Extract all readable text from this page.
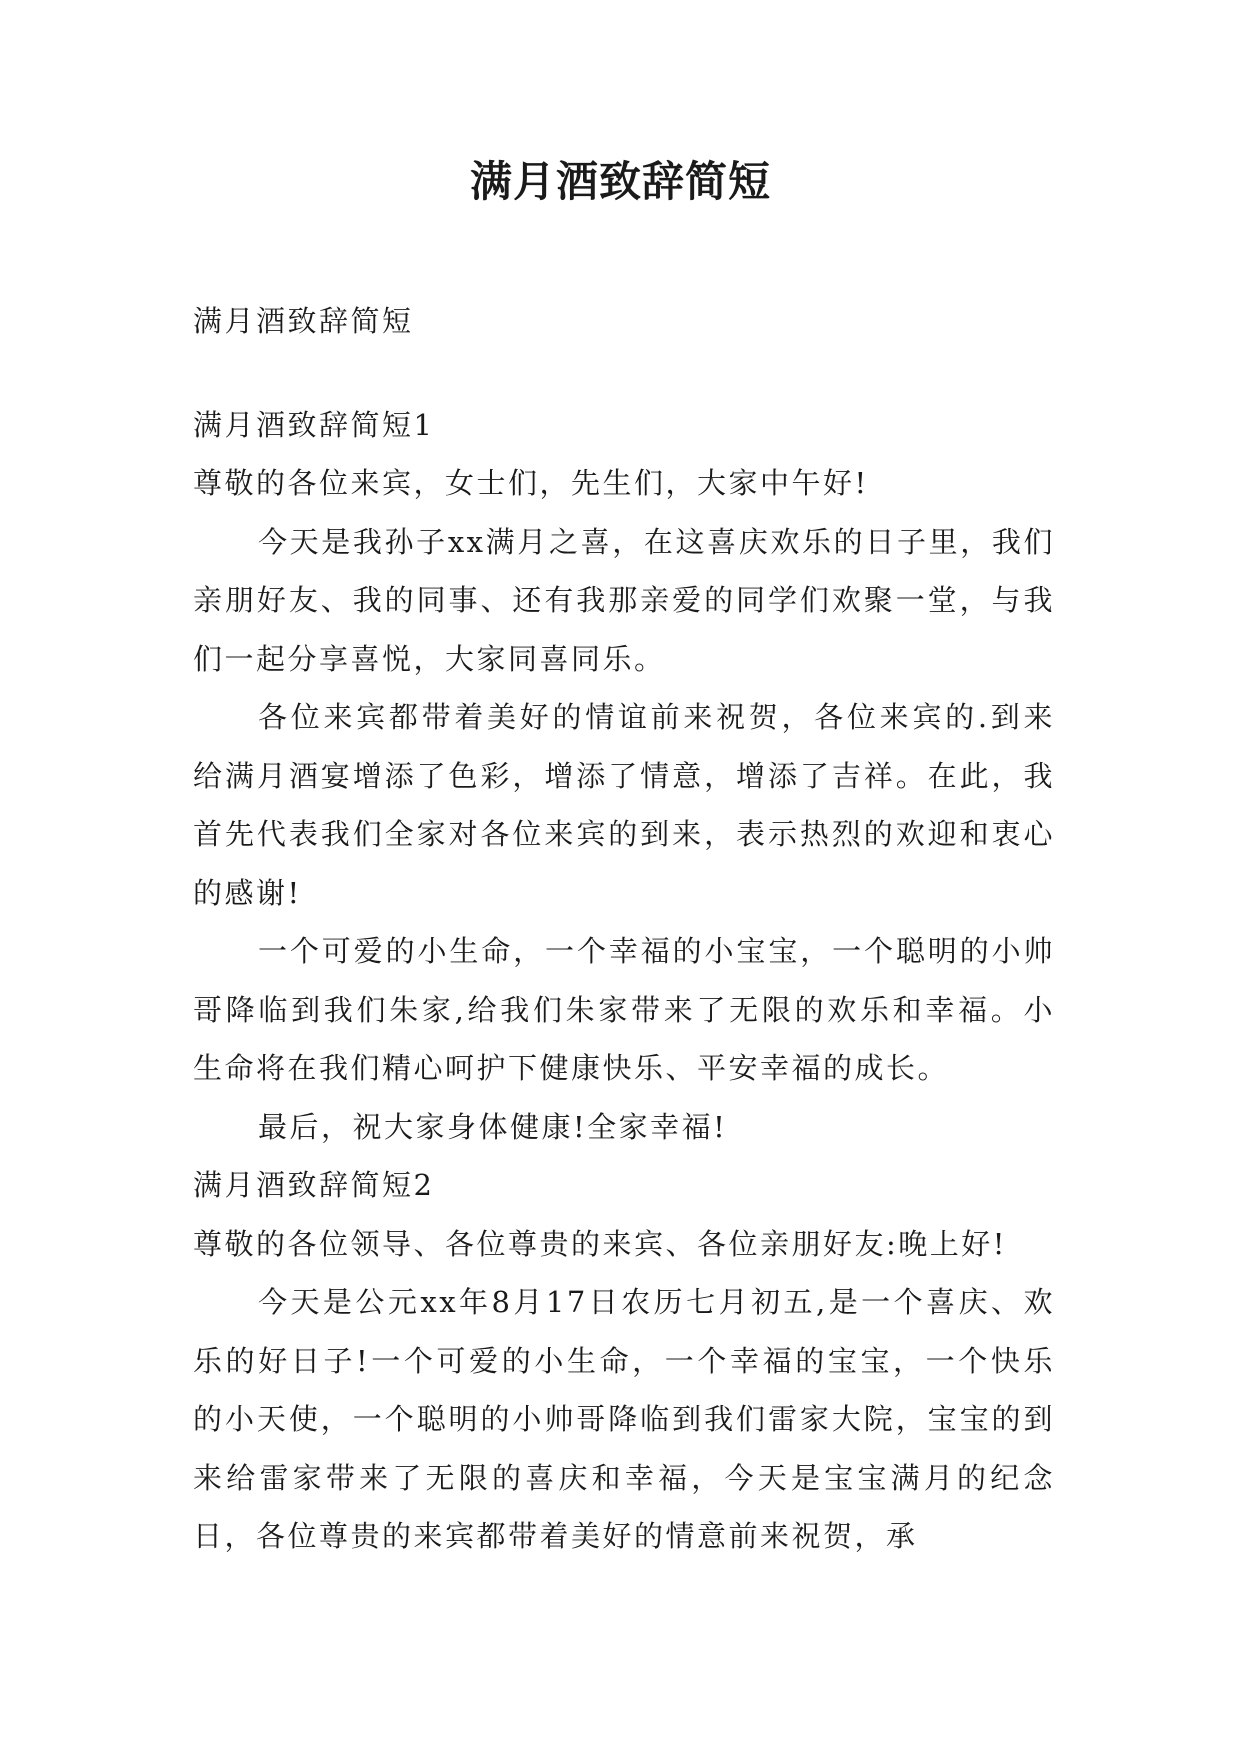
满月酒致辞简短

满月酒致辞简短

满月酒致辞简短1

尊敬的各位来宾，女士们，先生们，大家中午好!

今天是我孙子xx满月之喜，在这喜庆欢乐的日子里，我们亲朋好友、我的同事、还有我那亲爱的同学们欢聚一堂，与我们一起分享喜悦，大家同喜同乐。

各位来宾都带着美好的情谊前来祝贺，各位来宾的.到来给满月酒宴增添了色彩，增添了情意，增添了吉祥。在此，我首先代表我们全家对各位来宾的到来，表示热烈的欢迎和衷心的感谢!

一个可爱的小生命，一个幸福的小宝宝，一个聪明的小帅哥降临到我们朱家,给我们朱家带来了无限的欢乐和幸福。小生命将在我们精心呵护下健康快乐、平安幸福的成长。

最后，祝大家身体健康!全家幸福!

满月酒致辞简短2

尊敬的各位领导、各位尊贵的来宾、各位亲朋好友:晚上好!

今天是公元xx年8月17日农历七月初五,是一个喜庆、欢乐的好日子!一个可爱的小生命，一个幸福的宝宝，一个快乐的小天使，一个聪明的小帅哥降临到我们雷家大院，宝宝的到来给雷家带来了无限的喜庆和幸福，今天是宝宝满月的纪念日，各位尊贵的来宾都带着美好的情意前来祝贺，承
